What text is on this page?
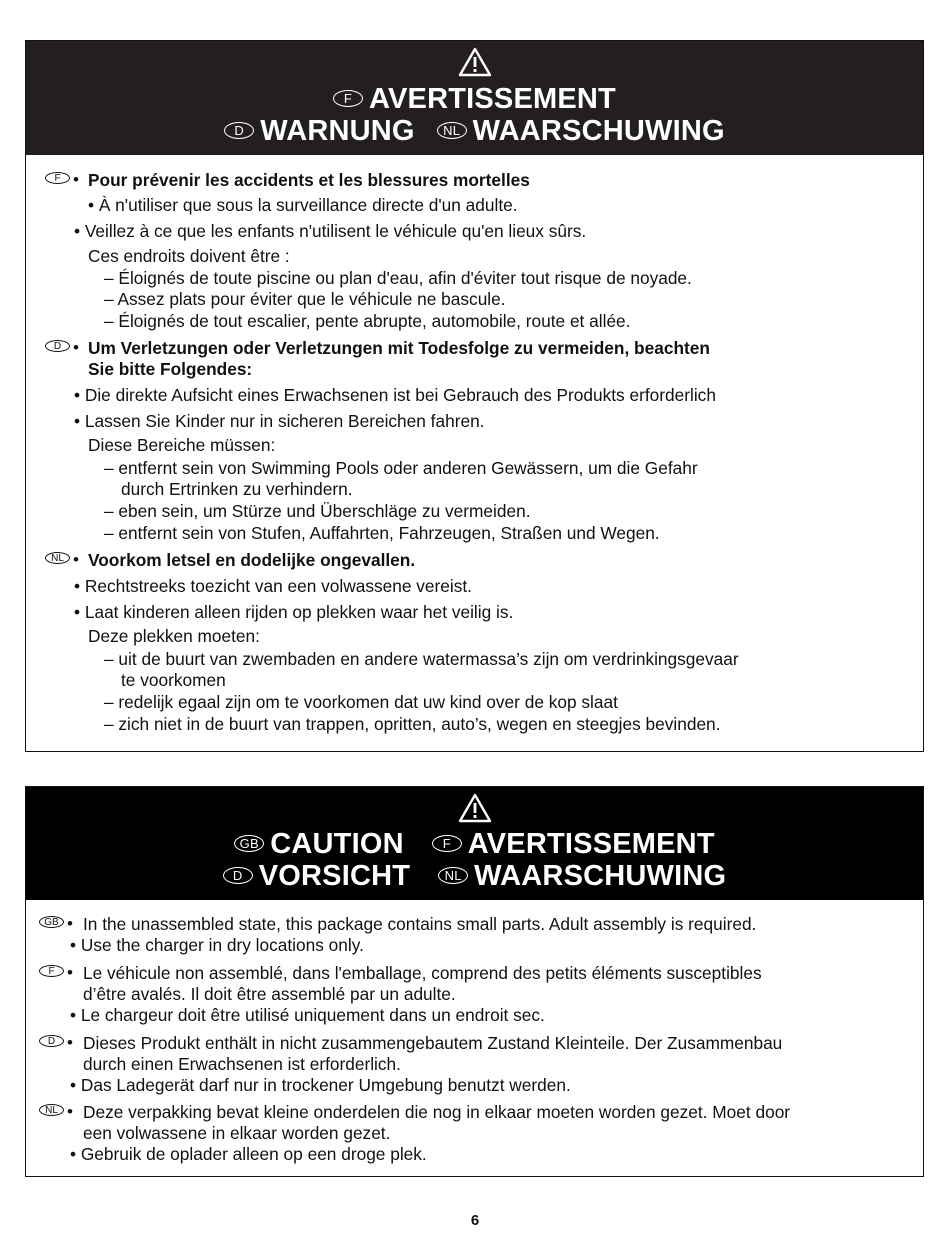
F AVERTISSEMENT
D WARNUNG NL WAARSCHUWING
F •	Pour prévenir les accidents et les blessures mortelles
• À n'utiliser que sous la surveillance directe d'un adulte.
• Veillez à ce que les enfants n'utilisent le véhicule qu'en lieux sûrs.
Ces endroits doivent être :
– Éloignés de toute piscine ou plan d'eau, afin d'éviter tout risque de noyade.
– Assez plats pour éviter que le véhicule ne bascule.
– Éloignés de tout escalier, pente abrupte, automobile, route et allée.
D •	Um Verletzungen oder Verletzungen mit Todesfolge zu vermeiden, beachten
Sie bitte Folgendes:
• Die direkte Aufsicht eines Erwachsenen ist bei Gebrauch des Produkts erforderlich
• Lassen Sie Kinder nur in sicheren Bereichen fahren.
Diese Bereiche müssen:
– entfernt sein von Swimming Pools oder anderen Gewässern, um die Gefahr
durch Ertrinken zu verhindern.
– eben sein, um Stürze und Überschläge zu vermeiden.
– entfernt sein von Stufen, Auffahrten, Fahrzeugen, Straßen und Wegen.
NL •	Voorkom letsel en dodelijke ongevallen.
• Rechtstreeks toezicht van een volwassene vereist.
• Laat kinderen alleen rijden op plekken waar het veilig is.
Deze plekken moeten:
– uit de buurt van zwembaden en andere watermassa’s zijn om verdrinkingsgevaar
te voorkomen
– redelijk egaal zijn om te voorkomen dat uw kind over de kop slaat
– zich niet in de buurt van trappen, opritten, auto’s, wegen en steegjes bevinden.
GB CAUTION	F AVERTISSEMENT
D VORSICHT	NL WAARSCHUWING
GB •	In the unassembled state, this package contains small parts. Adult assembly is required.
• Use the charger in dry locations only.
F •	Le véhicule non assemblé, dans l'emballage, comprend des petits éléments susceptibles
d’être avalés. Il doit être assemblé par un adulte.
• Le chargeur doit être utilisé uniquement dans un endroit sec.
D •	Dieses Produkt enthält in nicht zusammengebautem Zustand Kleinteile. Der Zusammenbau
durch einen Erwachsenen ist erforderlich.
• Das Ladegerät darf nur in trockener Umgebung benutzt werden.
NL •	Deze verpakking bevat kleine onderdelen die nog in elkaar moeten worden gezet. Moet door
een volwassene in elkaar worden gezet.
• Gebruik de oplader alleen op een droge plek.
6
